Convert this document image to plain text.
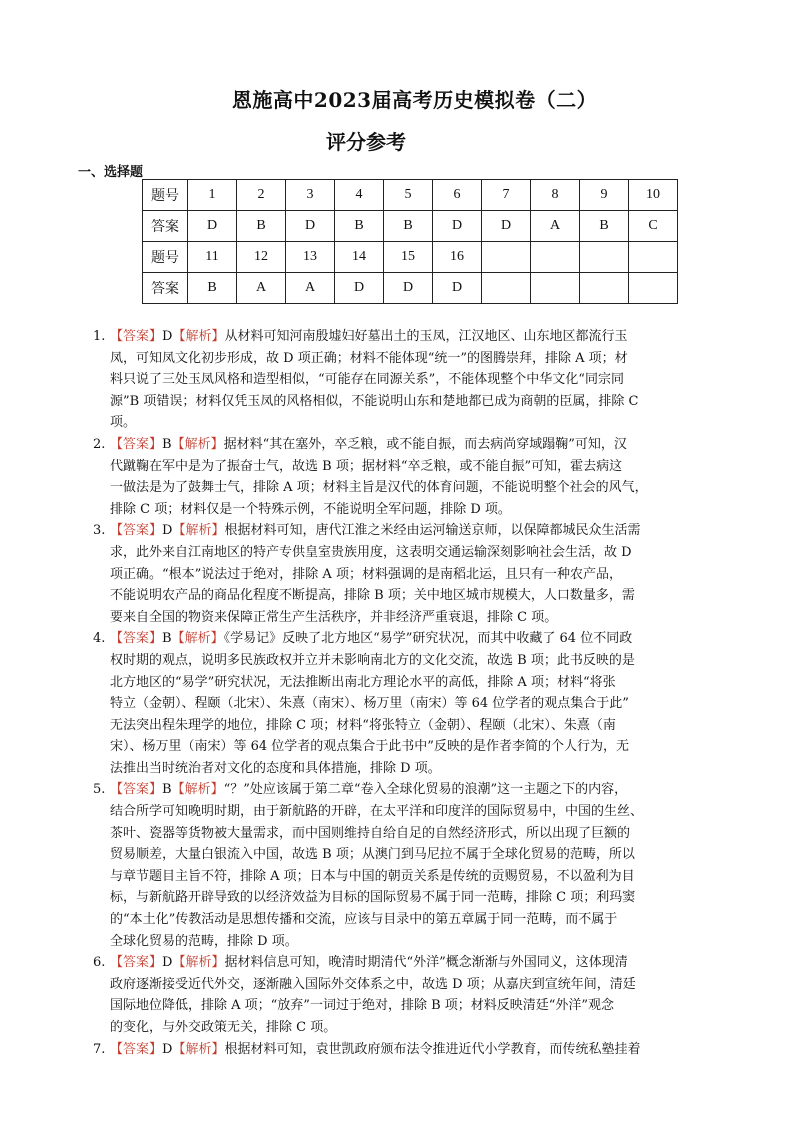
恩施高中2023届高考历史模拟卷（二）
评分参考
一、选择题
题号	1	2	3	4	5	6	7	8	9	10
答案	D	B	D	B	B	D	D	A	B	C
题号	11	12	13	14	15	16				
答案	B	A	A	D	D	D				
1. 【答案】D【解析】从材料可知河南殷墟妇好墓出土的玉凤，江汉地区、山东地区都流行玉
凤，可知凤文化初步形成，故 D 项正确；材料不能体现“统一”的图腾崇拜，排除 A 项；材
料只说了三处玉凤风格和造型相似，“可能存在同源关系”，不能体现整个中华文化“同宗同
源”B 项错误；材料仅凭玉凤的风格相似，不能说明山东和楚地都已成为商朝的臣属，排除 C
项。
2. 【答案】B【解析】据材料“其在塞外，卒乏粮，或不能自振，而去病尚穿域蹋鞠”可知，汉
代蹴鞠在军中是为了振奋士气，故选 B 项；据材料“卒乏粮，或不能自振”可知，霍去病这
一做法是为了鼓舞士气，排除 A 项；材料主旨是汉代的体育问题，不能说明整个社会的风气，
排除 C 项；材料仅是一个特殊示例，不能说明全军问题，排除 D 项。
3. 【答案】D【解析】根据材料可知，唐代江淮之米经由运河输送京师，以保障都城民众生活需
求，此外来自江南地区的特产专供皇室贵族用度，这表明交通运输深刻影响社会生活，故 D
项正确。“根本”说法过于绝对，排除 A 项；材料强调的是南稻北运，且只有一种农产品，
不能说明农产品的商品化程度不断提高，排除 B 项；关中地区城市规模大，人口数量多，需
要来自全国的物资来保障正常生产生活秩序，并非经济严重衰退，排除 C 项。
4. 【答案】B【解析】《学易记》反映了北方地区“易学”研究状况，而其中收藏了 64 位不同政
权时期的观点，说明多民族政权并立并未影响南北方的文化交流，故选 B 项；此书反映的是
北方地区的“易学”研究状况，无法推断出南北方理论水平的高低，排除 A 项；材料“将张
特立（金朝）、程颐（北宋）、朱熹（南宋）、杨万里（南宋）等 64 位学者的观点集合于此”
无法突出程朱理学的地位，排除 C 项；材料“将张特立（金朝）、程颐（北宋）、朱熹（南
宋）、杨万里（南宋）等 64 位学者的观点集合于此书中”反映的是作者李简的个人行为，无
法推出当时统治者对文化的态度和具体措施，排除 D 项。
5. 【答案】B【解析】“？”处应该属于第二章“卷入全球化贸易的浪潮”这一主题之下的内容，
结合所学可知晚明时期，由于新航路的开辟，在太平洋和印度洋的国际贸易中，中国的生丝、
茶叶、瓷器等货物被大量需求，而中国则维持自给自足的自然经济形式，所以出现了巨额的
贸易顺差，大量白银流入中国，故选 B 项；从澳门到马尼拉不属于全球化贸易的范畴，所以
与章节题目主旨不符，排除 A 项；日本与中国的朝贡关系是传统的贡赐贸易，不以盈利为目
标，与新航路开辟导致的以经济效益为目标的国际贸易不属于同一范畴，排除 C 项；利玛窦
的“本土化”传教活动是思想传播和交流，应该与目录中的第五章属于同一范畴，而不属于
全球化贸易的范畴，排除 D 项。
6. 【答案】D【解析】据材料信息可知，晚清时期清代“外洋”概念渐渐与外国同义，这体现清
政府逐渐接受近代外交，逐渐融入国际外交体系之中，故选 D 项；从嘉庆到宣统年间，清廷
国际地位降低，排除 A 项；“放弃”一词过于绝对，排除 B 项；材料反映清廷“外洋”观念
的变化，与外交政策无关，排除 C 项。
7. 【答案】D【解析】根据材料可知，袁世凯政府颁布法令推进近代小学教育，而传统私塾挂着
